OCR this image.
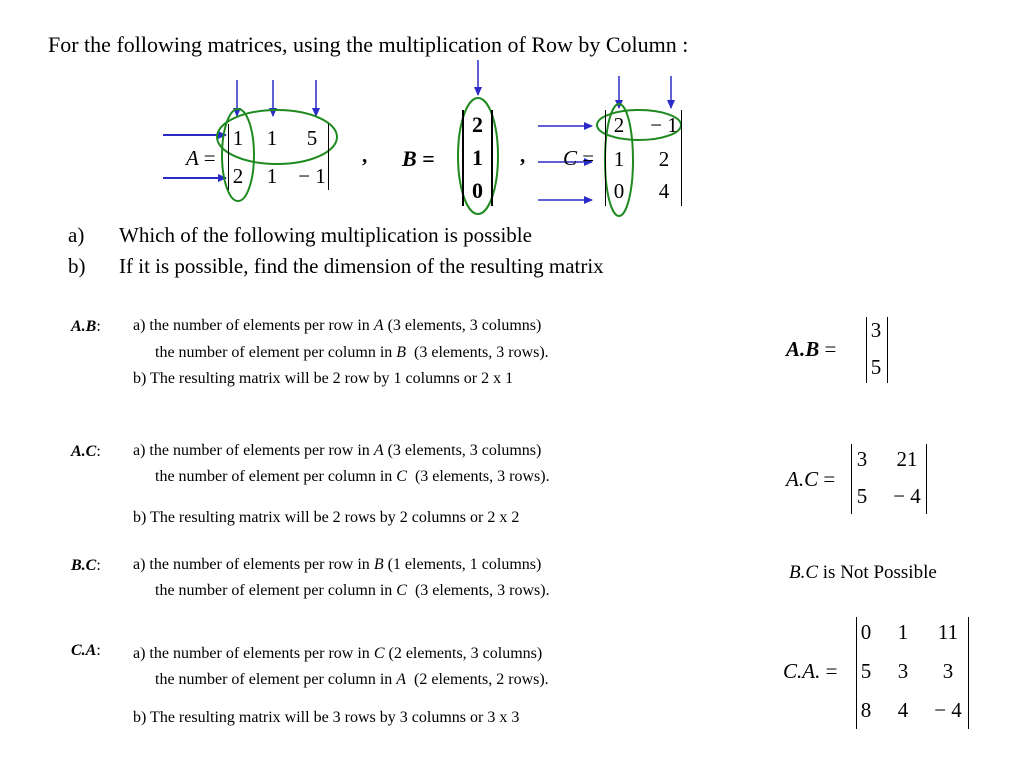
For the following matrices, using the multiplication of Row by Column :
A =
1 1 5
2 1 − 1
, B =
2
1
0
, C =
2 − 1
1	2
0	4
a) Which of the following multiplication is possible
b) If it is possible, find the dimension of the resulting matrix
A.B: a) the number of elements per row in A (3 elements, 3 columns)
the number of element per column in B  (3 elements, 3 rows).
b) The resulting matrix will be 2 row by 1 columns or 2 x 1
A.B =
3
5
A.C: a) the number of elements per row in A (3 elements, 3 columns)
the number of element per column in C  (3 elements, 3 rows).
b) The resulting matrix will be 2 rows by 2 columns or 2 x 2
A.C =
3	21
5 − 4
B.C: a) the number of elements per row in B (1 elements, 1 columns)
the number of element per column in C  (3 elements, 3 rows).
B.C is Not Possible
C.A: a) the number of elements per row in C (2 elements, 3 columns)
the number of element per column in A  (2 elements, 2 rows).
b) The resulting matrix will be 3 rows by 3 columns or 3 x 3
C.A. =
0 1	11
5 3	3
8 4 − 4
